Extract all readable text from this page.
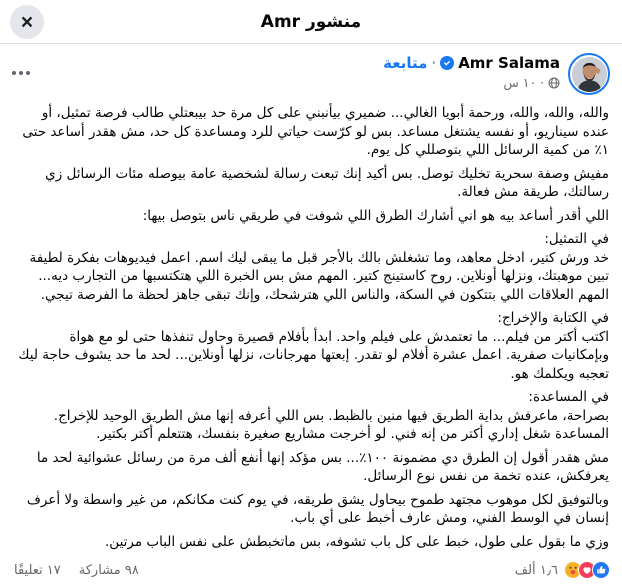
×	منشور Amr
متابعة · Amr Salama
١٠ س ·

والله، والله، والله، ورحمة أبويا الغالي... ضميري بيأنبني على كل مرة حد بيبعتلي طالب فرصة تمثيل، أو عنده سيناريو، أو نفسه يشتغل مساعد. بس لو كرّست حياتي للرد ومساعدة كل حد، مش هقدر أساعد حتى ١٪ من كمية الرسائل اللي بتوصللي كل يوم.

مفيش وصفة سحرية تخليك توصل. بس أكيد إنك تبعت رسالة لشخصية عامة بيوصله مئات الرسائل زي رسالتك، طريقة مش فعالة.

اللي أقدر أساعد بيه هو اني أشارك الطرق اللي شوفت في طريقي ناس بتوصل بيها:

في التمثيل:
خد ورش كتير، ادخل معاهد، وما تشغلش بالك بالأجر قبل ما يبقى ليك اسم. اعمل فيديوهات بفكرة لطيفة تبين موهبتك، ونزلها أونلاين. روح كاستينج كتير. المهم مش بس الخبرة اللي هتكتسبها من التجارب ديه... المهم العلاقات اللي بتتكون في السكة، والناس اللي هترشحك، وإنك تبقى جاهز لحظة ما الفرصة تيجي.

في الكتابة والإخراج:
اكتب أكتر من فيلم... ما تعتمدش على فيلم واحد. ابدأ بأفلام قصيرة وحاول تنفذها حتى لو مع هواة وبإمكانيات صفرية. اعمل عشرة أفلام لو تقدر. إبعتها مهرجانات، نزلها أونلاين... لحد ما حد يشوف حاجة ليك تعجبه ويكلمك هو.

في المساعدة:
بصراحة، ماعرفش بداية الطريق فيها منين بالظبط. بس اللي أعرفه إنها مش الطريق الوحيد للإخراج. المساعدة شغل إداري أكتر من إنه فني. لو أخرجت مشاريع صغيرة بنفسك، هتتعلم أكتر بكتير.

مش هقدر أقول إن الطرق دي مضمونة ١٠٠٪... بس مؤكد إنها أنفع ألف مرة من رسائل عشوائية لحد ما يعرفكش، عنده تخمة من نفس نوع الرسائل.

وبالتوفيق لكل موهوب مجتهد طموح بيحاول يشق طريقه، في يوم كنت مكانكم، من غير واسطة ولا أعرف إنسان في الوسط الفني، ومش عارف أخبط على أي باب.

وزي ما بقول على طول، خبط على كل باب تشوفه، بس ماتخبطش على نفس الباب مرتين.

١٧ تعليقًا ٩٨ مشاركة	١٫٦ ألف
